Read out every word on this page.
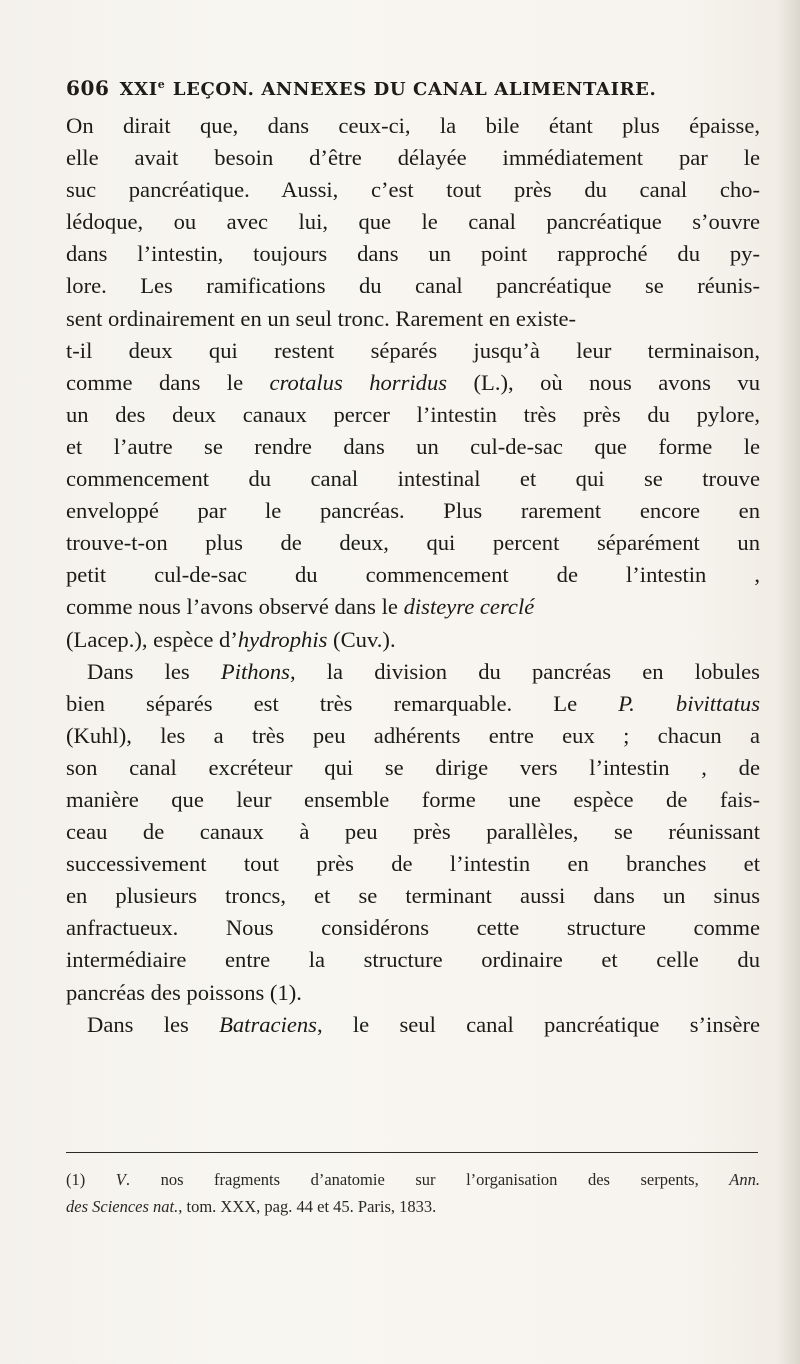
606 XXIe LEÇON. ANNEXES DU CANAL ALIMENTAIRE.
On dirait que, dans ceux-ci, la bile étant plus épaisse,
elle avait besoin d’être délayée immédiatement par le
suc pancréatique. Aussi, c’est tout près du canal cho-
lédoque, ou avec lui, que le canal pancréatique s’ouvre
dans l’intestin, toujours dans un point rapproché du py-
lore. Les ramifications du canal pancréatique se réunis-
sent ordinairement en un seul tronc. Rarement en existe-
t-il deux qui restent séparés jusqu’à leur terminaison,
comme dans le crotalus horridus (L.), où nous avons vu
un des deux canaux percer l’intestin très près du pylore,
et l’autre se rendre dans un cul-de-sac que forme le
commencement du canal intestinal et qui se trouve
enveloppé par le pancréas. Plus rarement encore en
trouve-t-on plus de deux, qui percent séparément un
petit cul-de-sac du commencement de l’intestin ,
comme nous l’avons observé dans le disteyre cerclé
(Lacep.), espèce d’hydrophis (Cuv.).
Dans les Pithons, la division du pancréas en lobules
bien séparés est très remarquable. Le P. bivittatus
(Kuhl), les a très peu adhérents entre eux ; chacun a
son canal excréteur qui se dirige vers l’intestin , de
manière que leur ensemble forme une espèce de fais-
ceau de canaux à peu près parallèles, se réunissant
successivement tout près de l’intestin en branches et
en plusieurs troncs, et se terminant aussi dans un sinus
anfractueux. Nous considérons cette structure comme
intermédiaire entre la structure ordinaire et celle du
pancréas des poissons (1).
Dans les Batraciens, le seul canal pancréatique s’insère
(1) V. nos fragments d’anatomie sur l’organisation des serpents, Ann.
des Sciences nat., tom. XXX, pag. 44 et 45. Paris, 1833.
